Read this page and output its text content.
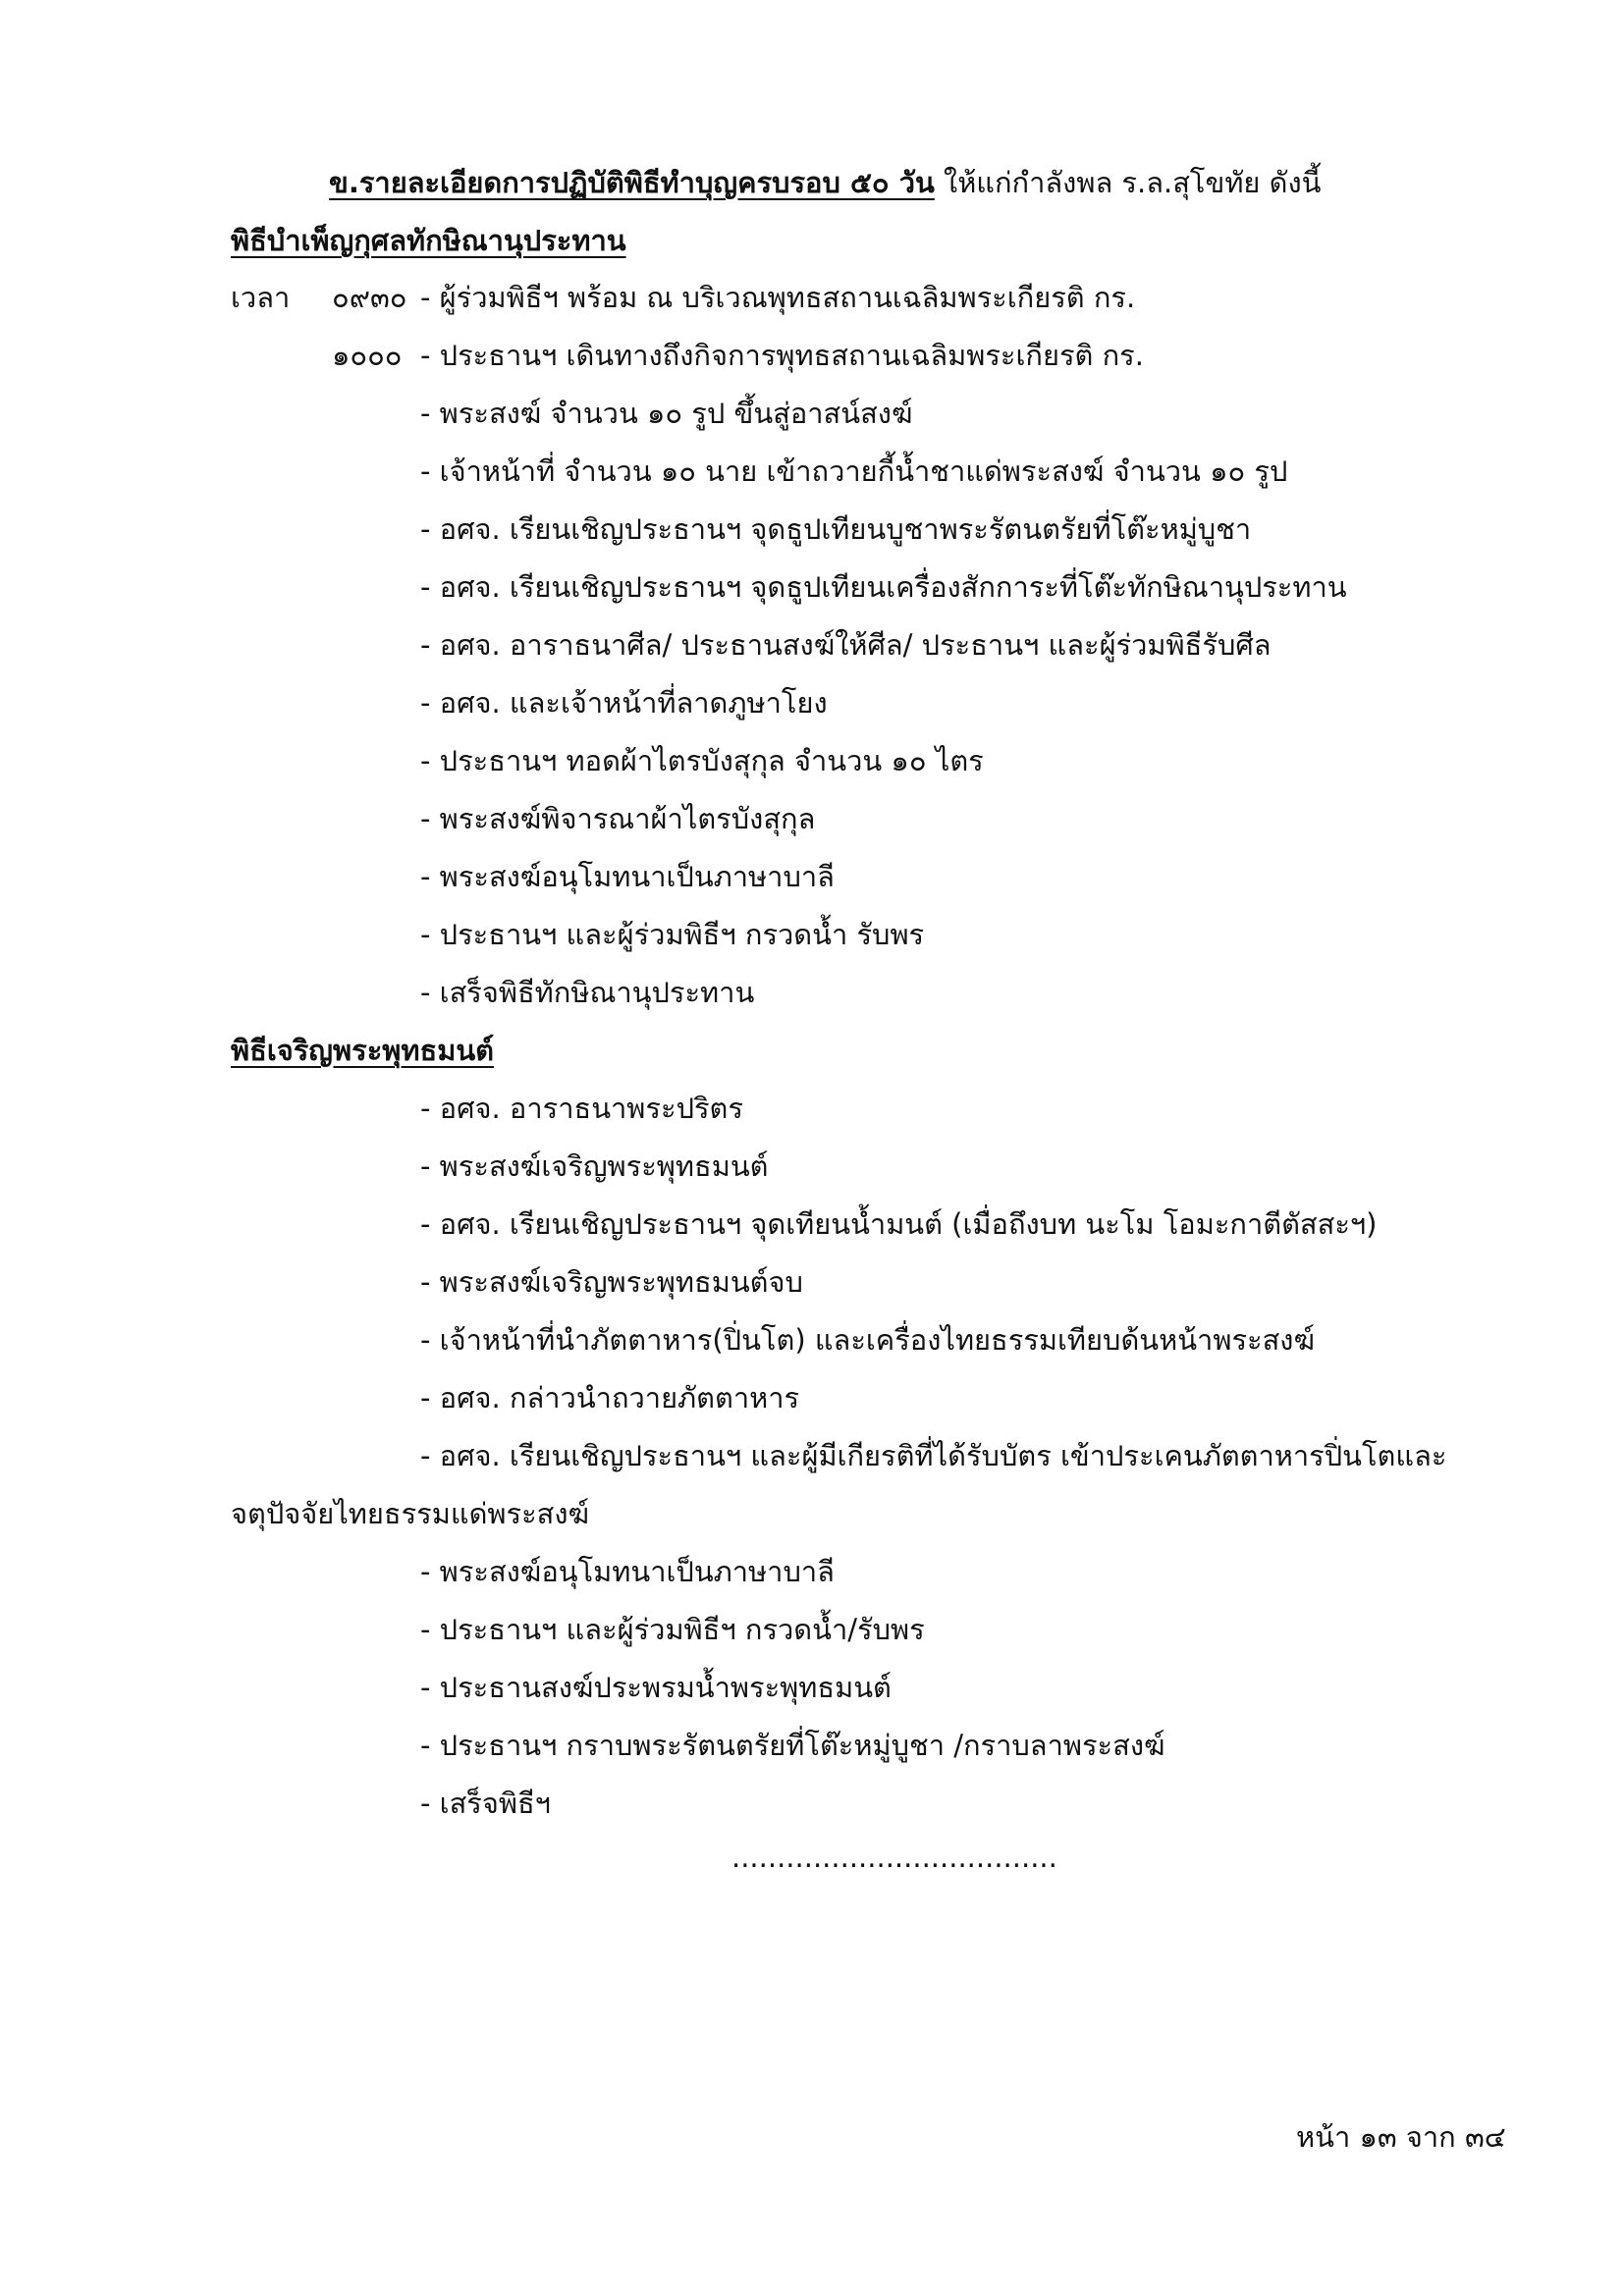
ข.รายละเอียดการปฏิบัติพิธีทำบุญครบรอบ ๕๐ วัน ให้แก่กำลังพล ร.ล.สุโขทัย ดังนี้
พิธีบำเพ็ญกุศลทักษิณานุประทาน
เวลา ๐๙๓๐ - ผู้ร่วมพิธีฯ พร้อม ณ บริเวณพุทธสถานเฉลิมพระเกียรติ กร.
๑๐๐๐ - ประธานฯ เดินทางถึงกิจการพุทธสถานเฉลิมพระเกียรติ กร.
- พระสงฆ์ จำนวน ๑๐ รูป ขึ้นสู่อาสน์สงฆ์
- เจ้าหน้าที่ จำนวน ๑๐ นาย เข้าถวายกี้น้ำชาแด่พระสงฆ์ จำนวน ๑๐ รูป
- อศจ. เรียนเชิญประธานฯ จุดธูปเทียนบูชาพระรัตนตรัยที่โต๊ะหมู่บูชา
- อศจ. เรียนเชิญประธานฯ จุดธูปเทียนเครื่องสักการะที่โต๊ะทักษิณานุประทาน
- อศจ. อาราธนาศีล/ ประธานสงฆ์ให้ศีล/ ประธานฯ และผู้ร่วมพิธีรับศีล
- อศจ. และเจ้าหน้าที่ลาดภูษาโยง
- ประธานฯ ทอดผ้าไตรบังสุกุล จำนวน ๑๐ ไตร
- พระสงฆ์พิจารณาผ้าไตรบังสุกุล
- พระสงฆ์อนุโมทนาเป็นภาษาบาลี
- ประธานฯ และผู้ร่วมพิธีฯ กรวดน้ำ รับพร
- เสร็จพิธีทักษิณานุประทาน
พิธีเจริญพระพุทธมนต์
- อศจ. อาราธนาพระปริตร
- พระสงฆ์เจริญพระพุทธมนต์
- อศจ. เรียนเชิญประธานฯ จุดเทียนน้ำมนต์ (เมื่อถึงบท นะโม โอมะกาตีตัสสะฯ)
- พระสงฆ์เจริญพระพุทธมนต์จบ
- เจ้าหน้าที่นำภัตตาหาร(ปิ่นโต) และเครื่องไทยธรรมเทียบด้นหน้าพระสงฆ์
- อศจ. กล่าวนำถวายภัตตาหาร
- อศจ. เรียนเชิญประธานฯ และผู้มีเกียรติที่ได้รับบัตร เข้าประเคนภัตตาหารปิ่นโตและ
จตุปัจจัยไทยธรรมแด่พระสงฆ์
- พระสงฆ์อนุโมทนาเป็นภาษาบาลี
- ประธานฯ และผู้ร่วมพิธีฯ กรวดน้ำ/รับพร
- ประธานสงฆ์ประพรมน้ำพระพุทธมนต์
- ประธานฯ กราบพระรัตนตรัยที่โต๊ะหมู่บูชา /กราบลาพระสงฆ์
- เสร็จพิธีฯ
....................................
หน้า ๑๓ จาก ๓๔
